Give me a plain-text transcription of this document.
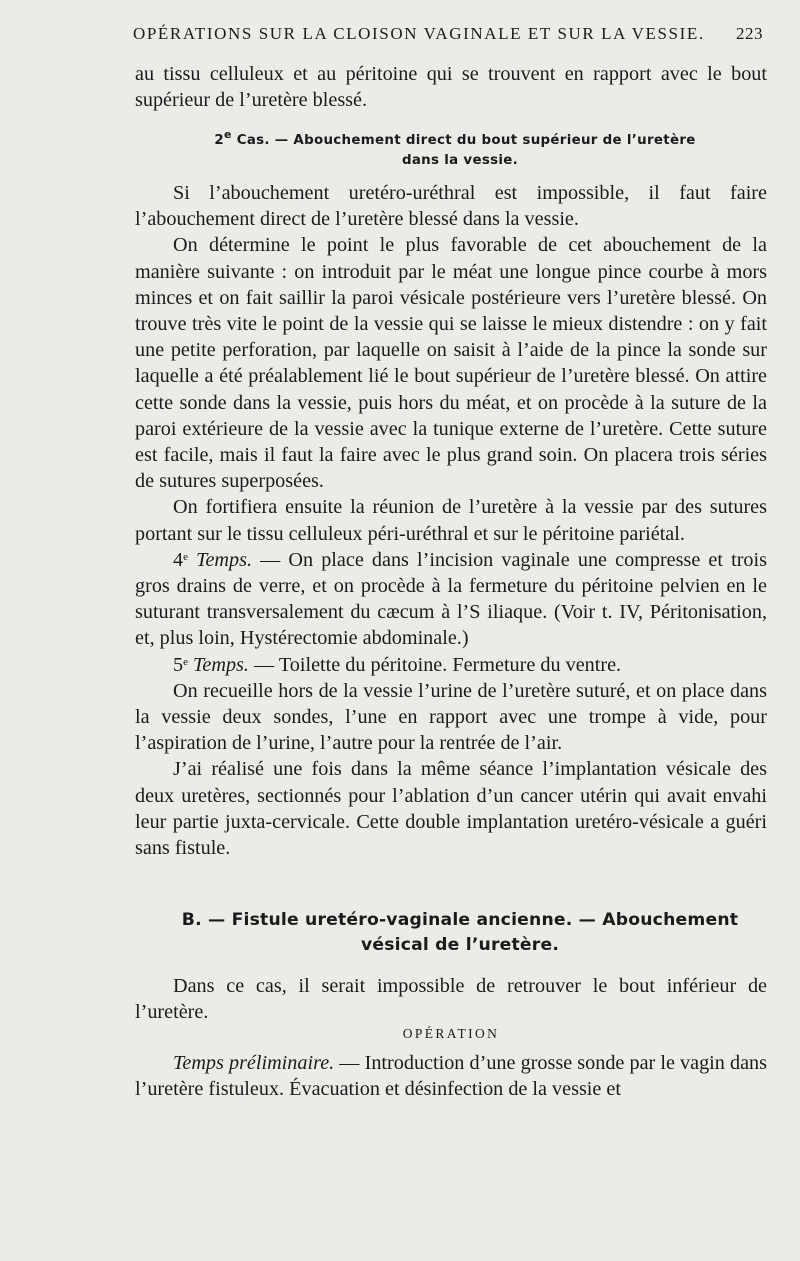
OPÉRATIONS SUR LA CLOISON VAGINALE ET SUR LA VESSIE. 223

au tissu celluleux et au péritoine qui se trouvent en rapport avec le bout supérieur de l’uretère blessé.

2e Cas. — Abouchement direct du bout supérieur de l’uretère
dans la vessie.

Si l’abouchement uretéro-uréthral est impossible, il faut faire l’abouchement direct de l’uretère blessé dans la vessie.

On détermine le point le plus favorable de cet abouchement de la manière suivante : on introduit par le méat une longue pince courbe à mors minces et on fait saillir la paroi vésicale postérieure vers l’uretère blessé. On trouve très vite le point de la vessie qui se laisse le mieux distendre : on y fait une petite perforation, par laquelle on saisit à l’aide de la pince la sonde sur laquelle a été préalablement lié le bout supérieur de l’uretère blessé. On attire cette sonde dans la vessie, puis hors du méat, et on procède à la suture de la paroi extérieure de la vessie avec la tunique externe de l’uretère. Cette suture est facile, mais il faut la faire avec le plus grand soin. On placera trois séries de sutures superposées.

On fortifiera ensuite la réunion de l’uretère à la vessie par des sutures portant sur le tissu celluleux péri-uréthral et sur le péritoine pariétal.

4e Temps. — On place dans l’incision vaginale une compresse et trois gros drains de verre, et on procède à la fermeture du péritoine pelvien en le suturant transversalement du cæcum à l’S iliaque. (Voir t. IV, Péritonisation, et, plus loin, Hystérectomie abdominale.)

5e Temps. — Toilette du péritoine. Fermeture du ventre.

On recueille hors de la vessie l’urine de l’uretère suturé, et on place dans la vessie deux sondes, l’une en rapport avec une trompe à vide, pour l’aspiration de l’urine, l’autre pour la rentrée de l’air.

J’ai réalisé une fois dans la même séance l’implantation vésicale des deux uretères, sectionnés pour l’ablation d’un cancer utérin qui avait envahi leur partie juxta-cervicale. Cette double implantation uretéro-vésicale a guéri sans fistule.

B. — Fistule uretéro-vaginale ancienne. — Abouchement
vésical de l’uretère.

Dans ce cas, il serait impossible de retrouver le bout inférieur de l’uretère.

OPÉRATION

Temps préliminaire. — Introduction d’une grosse sonde par le vagin dans l’uretère fistuleux. Évacuation et désinfection de la vessie et
